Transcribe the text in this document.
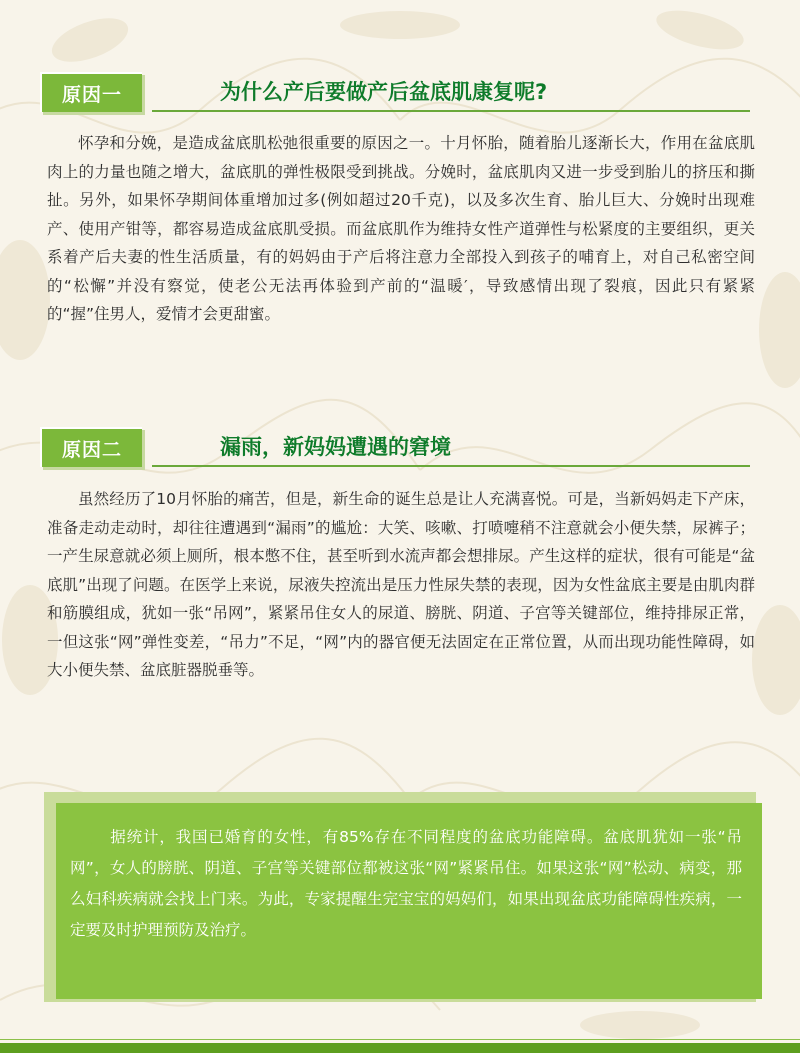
原因一	为什么产后要做产后盆底肌康复呢?

怀孕和分娩，是造成盆底肌松弛很重要的原因之一。十月怀胎，随着胎儿逐渐长大，作用在盆底肌肉上的力量也随之增大，盆底肌的弹性极限受到挑战。分娩时，盆底肌肉又进一步受到胎儿的挤压和撕扯。另外，如果怀孕期间体重增加过多(例如超过20千克)，以及多次生育、胎儿巨大、分娩时出现难产、使用产钳等，都容易造成盆底肌受损。而盆底肌作为维持女性产道弹性与松紧度的主要组织，更关系着产后夫妻的性生活质量，有的妈妈由于产后将注意力全部投入到孩子的哺育上，对自己私密空间的“松懈”并没有察觉，使老公无法再体验到产前的“温暖′，导致感情出现了裂痕，因此只有紧紧的“握”住男人，爱情才会更甜蜜。

原因二	漏雨，新妈妈遭遇的窘境

虽然经历了10月怀胎的痛苦，但是，新生命的诞生总是让人充满喜悦。可是，当新妈妈走下产床，准备走动走动时，却往往遭遇到“漏雨”的尴尬：大笑、咳嗽、打喷嚏稍不注意就会小便失禁，尿裤子；一产生尿意就必须上厕所，根本憋不住，甚至听到水流声都会想排尿。产生这样的症状，很有可能是“盆底肌”出现了问题。在医学上来说，尿液失控流出是压力性尿失禁的表现，因为女性盆底主要是由肌肉群和筋膜组成，犹如一张“吊网”，紧紧吊住女人的尿道、膀胱、阴道、子宫等关键部位，维持排尿正常，一但这张“网”弹性变差，“吊力”不足，“网”内的器官便无法固定在正常位置，从而出现功能性障碍，如大小便失禁、盆底脏器脱垂等。

据统计，我国已婚育的女性，有85%存在不同程度的盆底功能障碍。盆底肌犹如一张“吊网”，女人的膀胱、阴道、子宫等关键部位都被这张“网”紧紧吊住。如果这张“网”松动、病变，那么妇科疾病就会找上门来。为此，专家提醒生完宝宝的妈妈们，如果出现盆底功能障碍性疾病，一定要及时护理预防及治疗。
